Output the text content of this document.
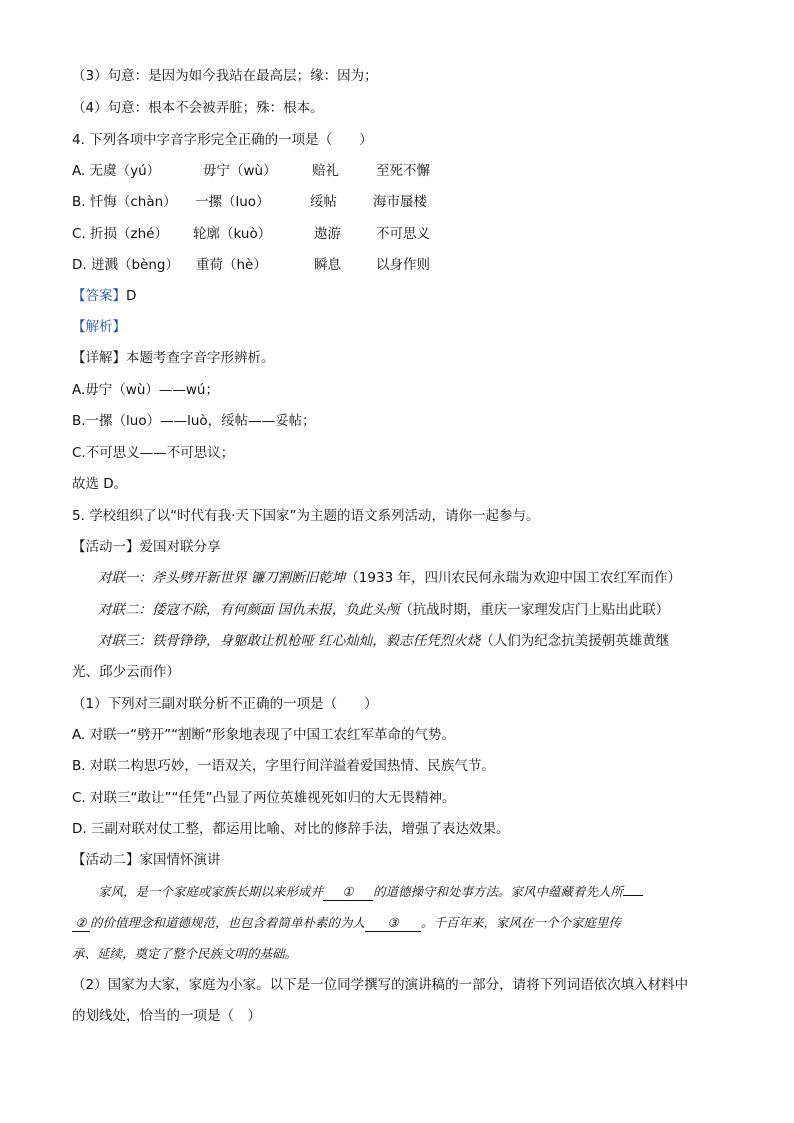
（3）句意：是因为如今我站在最高层；缘：因为；
（4）句意：根本不会被弄脏；殊：根本。
4. 下列各项中字音字形完全正确的一项是（　　）
A. 无虞（yú）	毋宁（wù）	赔礼	至死不懈
B. 忏悔（chàn） 一摞（luo）	绥帖	海市蜃楼
C. 折损（zhé） 轮廓（kuò）	遨游	不可思义
D. 迸溅（bèng） 重荷（hè）	瞬息	以身作则
【答案】D
【解析】
【详解】本题考查字音字形辨析。
A.毋宁（wù）——wú；
B.一摞（luo）——luò，绥帖——妥帖；
C.不可思义——不可思议；
故选 D。
5. 学校组织了以“时代有我·天下国家”为主题的语文系列活动，请你一起参与。
【活动一】爱国对联分享
对联一：斧头劈开新世界 镰刀割断旧乾坤（1933 年，四川农民何永瑞为欢迎中国工农红军而作）
对联二：倭寇不除，有何颜面 国仇未报，负此头颅（抗战时期，重庆一家理发店门上贴出此联）
对联三：铁骨铮铮，身躯敢让机枪哑 红心灿灿，毅志任凭烈火烧（人们为纪念抗美援朝英雄黄继
光、邱少云而作）
（1）下列对三副对联分析不正确的一项是（　　）
A. 对联一“劈开”“割断”形象地表现了中国工农红军革命的气势。
B. 对联二构思巧妙，一语双关，字里行间洋溢着爱国热情、民族气节。
C. 对联三“敢让”“任凭”凸显了两位英雄视死如归的大无畏精神。
D. 三副对联对仗工整，都运用比喻、对比的修辞手法，增强了表达效果。
【活动二】家国情怀演讲
家风，是一个家庭或家族长期以来形成并 ① 的道德操守和处事方法。家风中蕴藏着先人所
② 的价值理念和道德规范，也包含着简单朴素的为人 ③ 。千百年来，家风在一个个家庭里传
承、延续，奠定了整个民族文明的基础。
（2）国家为大家，家庭为小家。以下是一位同学撰写的演讲稿的一部分，请将下列词语依次填入材料中
的划线处，恰当的一项是（　）
